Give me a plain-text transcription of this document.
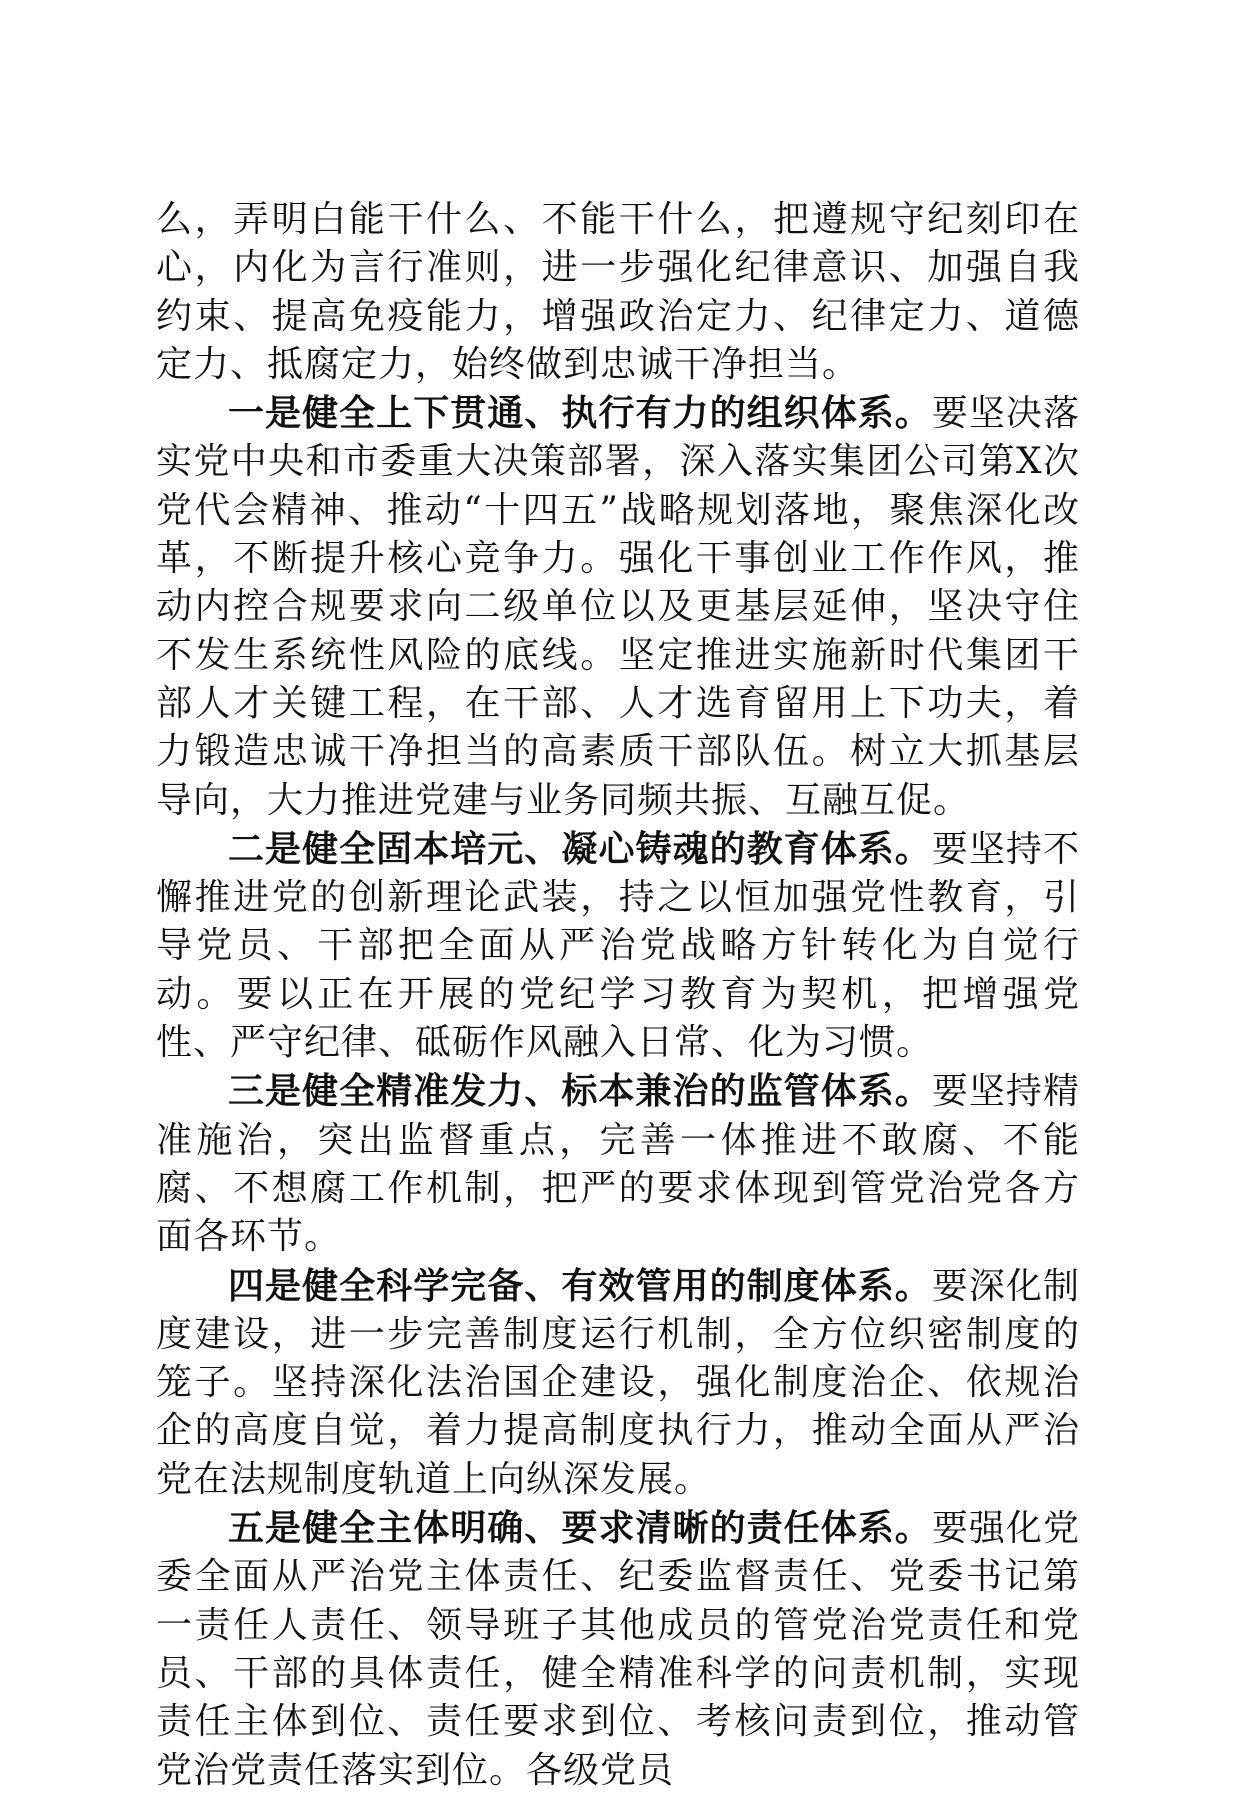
么，弄明白能干什么、不能干什么，把遵规守纪刻印在心，内化为言行准则，进一步强化纪律意识、加强自我约束、提高免疫能力，增强政治定力、纪律定力、道德定力、抵腐定力，始终做到忠诚干净担当。

一是健全上下贯通、执行有力的组织体系。要坚决落实党中央和市委重大决策部署，深入落实集团公司第X次党代会精神、推动“十四五”战略规划落地，聚焦深化改革，不断提升核心竞争力。强化干事创业工作作风，推动内控合规要求向二级单位以及更基层延伸，坚决守住不发生系统性风险的底线。坚定推进实施新时代集团干部人才关键工程，在干部、人才选育留用上下功夫，着力锻造忠诚干净担当的高素质干部队伍。树立大抓基层导向，大力推进党建与业务同频共振、互融互促。

二是健全固本培元、凝心铸魂的教育体系。要坚持不懈推进党的创新理论武装，持之以恒加强党性教育，引导党员、干部把全面从严治党战略方针转化为自觉行动。要以正在开展的党纪学习教育为契机，把增强党性、严守纪律、砥砺作风融入日常、化为习惯。

三是健全精准发力、标本兼治的监管体系。要坚持精准施治，突出监督重点，完善一体推进不敢腐、不能腐、不想腐工作机制，把严的要求体现到管党治党各方面各环节。

四是健全科学完备、有效管用的制度体系。要深化制度建设，进一步完善制度运行机制，全方位织密制度的笼子。坚持深化法治国企建设，强化制度治企、依规治企的高度自觉，着力提高制度执行力，推动全面从严治党在法规制度轨道上向纵深发展。

五是健全主体明确、要求清晰的责任体系。要强化党委全面从严治党主体责任、纪委监督责任、党委书记第一责任人责任、领导班子其他成员的管党治党责任和党员、干部的具体责任，健全精准科学的问责机制，实现责任主体到位、责任要求到位、考核问责到位，推动管党治党责任落实到位。各级党员
